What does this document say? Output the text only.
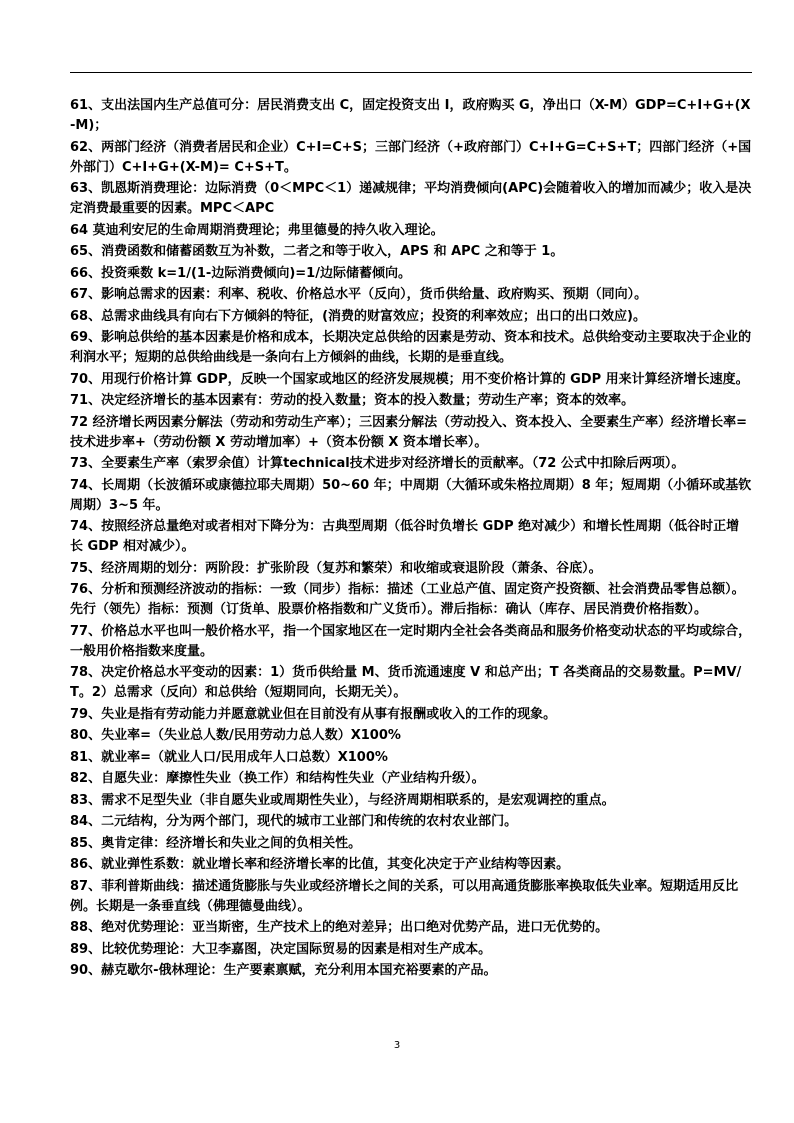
61、支出法国内生产总值可分：居民消费支出 C，固定投资支出 I，政府购买 G，净出口（X-M）GDP=C+I+G+(X-M)；

62、两部门经济（消费者居民和企业）C+I=C+S；三部门经济（+政府部门）C+I+G=C+S+T；四部门经济（+国外部门）C+I+G+(X-M)= C+S+T。

63、凯恩斯消费理论：边际消费（0＜MPC＜1）递减规律；平均消费倾向(APC)会随着收入的增加而减少；收入是决定消费最重要的因素。MPC＜APC

64 莫迪利安尼的生命周期消费理论；弗里德曼的持久收入理论。

65、消费函数和储蓄函数互为补数，二者之和等于收入，APS 和 APC 之和等于 1。

66、投资乘数 k=1/(1-边际消费倾向)=1/边际储蓄倾向。

67、影响总需求的因素：利率、税收、价格总水平（反向），货币供给量、政府购买、预期（同向）。

68、总需求曲线具有向右下方倾斜的特征，(消费的财富效应；投资的利率效应；出口的出口效应)。

69、影响总供给的基本因素是价格和成本，长期决定总供给的因素是劳动、资本和技术。总供给变动主要取决于企业的利润水平；短期的总供给曲线是一条向右上方倾斜的曲线，长期的是垂直线。

70、用现行价格计算 GDP，反映一个国家或地区的经济发展规模；用不变价格计算的 GDP 用来计算经济增长速度。

71、决定经济增长的基本因素有：劳动的投入数量；资本的投入数量；劳动生产率；资本的效率。

72 经济增长两因素分解法（劳动和劳动生产率）；三因素分解法（劳动投入、资本投入、全要素生产率）经济增长率=技术进步率+（劳动份额 X 劳动增加率）+（资本份额 X 资本增长率）。

73、全要素生产率（索罗余值）计算technical技术进步对经济增长的贡献率。（72 公式中扣除后两项）。

74、长周期（长波循环或康德拉耶夫周期）50~60 年；中周期（大循环或朱格拉周期）8 年；短周期（小循环或基钦周期）3~5 年。

74、按照经济总量绝对或者相对下降分为：古典型周期（低谷时负增长 GDP 绝对减少）和增长性周期（低谷时正增长 GDP 相对减少）。

75、经济周期的划分：两阶段：扩张阶段（复苏和繁荣）和收缩或衰退阶段（萧条、谷底）。

76、分析和预测经济波动的指标：一致（同步）指标：描述（工业总产值、固定资产投资额、社会消费品零售总额）。先行（领先）指标：预测（订货单、股票价格指数和广义货币）。滞后指标：确认（库存、居民消费价格指数）。

77、价格总水平也叫一般价格水平，指一个国家地区在一定时期内全社会各类商品和服务价格变动状态的平均或综合，一般用价格指数来度量。

78、决定价格总水平变动的因素：1）货币供给量 M、货币流通速度 V 和总产出；T 各类商品的交易数量。P=MV/T。2）总需求（反向）和总供给（短期同向，长期无关）。

79、失业是指有劳动能力并愿意就业但在目前没有从事有报酬或收入的工作的现象。

80、失业率=（失业总人数/民用劳动力总人数）X100%

81、就业率=（就业人口/民用成年人口总数）X100%

82、自愿失业：摩擦性失业（换工作）和结构性失业（产业结构升级）。

83、需求不足型失业（非自愿失业或周期性失业），与经济周期相联系的，是宏观调控的重点。

84、二元结构，分为两个部门，现代的城市工业部门和传统的农村农业部门。

85、奥肯定律：经济增长和失业之间的负相关性。

86、就业弹性系数：就业增长率和经济增长率的比值，其变化决定于产业结构等因素。

87、菲利普斯曲线：描述通货膨胀与失业或经济增长之间的关系，可以用高通货膨胀率换取低失业率。短期适用反比例。长期是一条垂直线（佛理德曼曲线）。

88、绝对优势理论：亚当斯密，生产技术上的绝对差异；出口绝对优势产品，进口无优势的。

89、比较优势理论：大卫李嘉图，决定国际贸易的因素是相对生产成本。

90、赫克歇尔-俄林理论：生产要素禀赋，充分利用本国充裕要素的产品。

3
